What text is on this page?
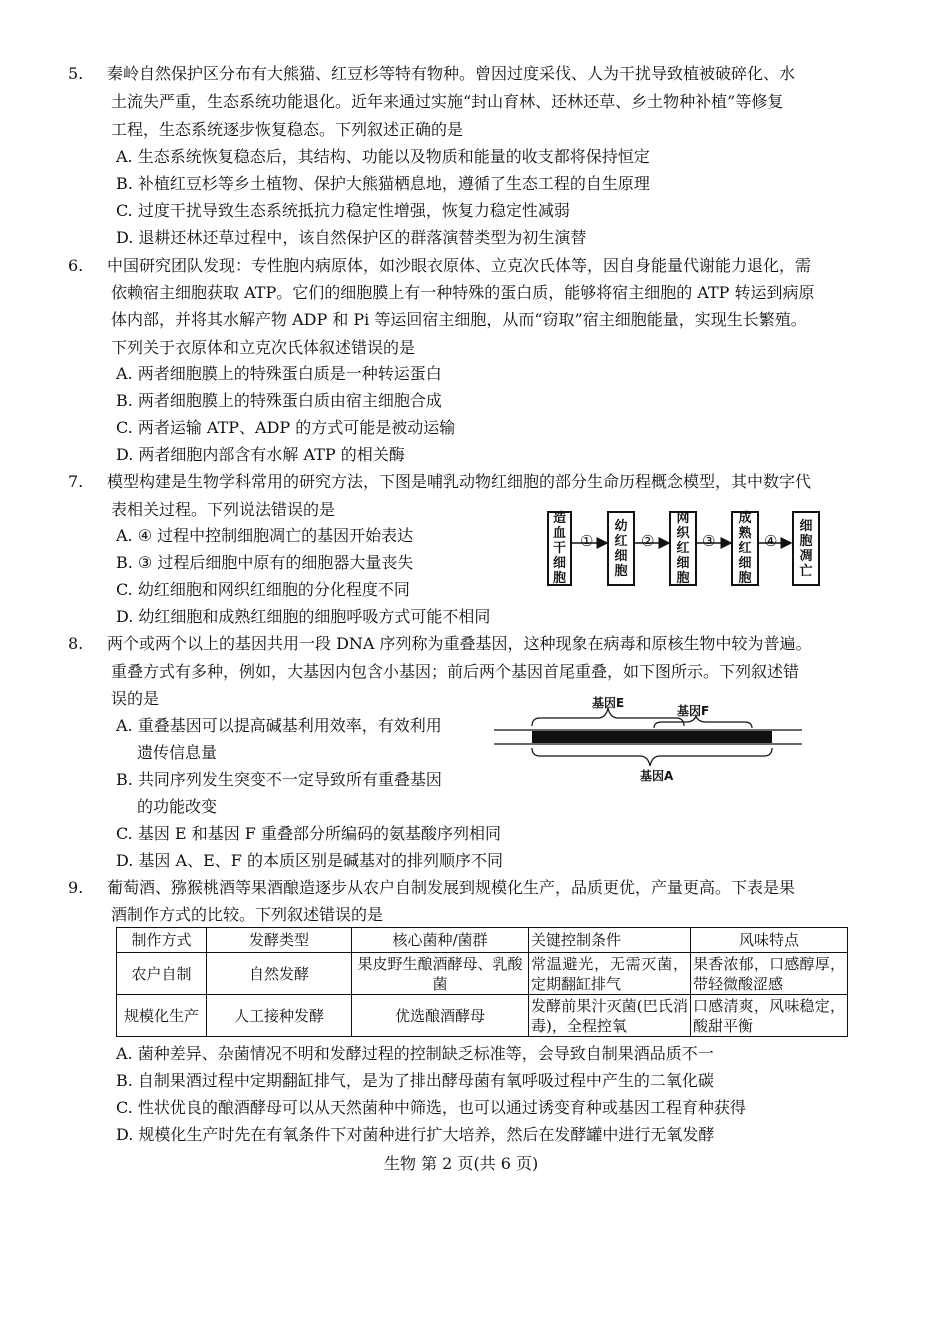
5. 秦岭自然保护区分布有大熊猫、红豆杉等特有物种。曾因过度采伐、人为干扰导致植被破碎化、水
土流失严重，生态系统功能退化。近年来通过实施“封山育林、还林还草、乡土物种补植”等修复
工程，生态系统逐步恢复稳态。下列叙述正确的是
A. 生态系统恢复稳态后，其结构、功能以及物质和能量的收支都将保持恒定
B. 补植红豆杉等乡土植物、保护大熊猫栖息地，遵循了生态工程的自生原理
C. 过度干扰导致生态系统抵抗力稳定性增强，恢复力稳定性减弱
D. 退耕还林还草过程中，该自然保护区的群落演替类型为初生演替
6. 中国研究团队发现：专性胞内病原体，如沙眼衣原体、立克次氏体等，因自身能量代谢能力退化，需
依赖宿主细胞获取 ATP。它们的细胞膜上有一种特殊的蛋白质，能够将宿主细胞的 ATP 转运到病原
体内部，并将其水解产物 ADP 和 Pi 等运回宿主细胞，从而“窃取”宿主细胞能量，实现生长繁殖。
下列关于衣原体和立克次氏体叙述错误的是
A. 两者细胞膜上的特殊蛋白质是一种转运蛋白
B. 两者细胞膜上的特殊蛋白质由宿主细胞合成
C. 两者运输 ATP、ADP 的方式可能是被动运输
D. 两者细胞内部含有水解 ATP 的相关酶
7. 模型构建是生物学科常用的研究方法，下图是哺乳动物红细胞的部分生命历程概念模型，其中数字代
表相关过程。下列说法错误的是
A. ④ 过程中控制细胞凋亡的基因开始表达
B. ③ 过程后细胞中原有的细胞器大量丧失
C. 幼红细胞和网织红细胞的分化程度不同
D. 幼红细胞和成熟红细胞的细胞呼吸方式可能不相同
造血干细胞
①
幼红细胞
②
网织红细胞
③
成熟红细胞
④
细胞凋亡
8. 两个或两个以上的基因共用一段 DNA 序列称为重叠基因，这种现象在病毒和原核生物中较为普遍。
重叠方式有多种，例如，大基因内包含小基因；前后两个基因首尾重叠，如下图所示。下列叙述错
误的是
A. 重叠基因可以提高碱基利用效率，有效利用
遗传信息量
B. 共同序列发生突变不一定导致所有重叠基因
的功能改变
C. 基因 E 和基因 F 重叠部分所编码的氨基酸序列相同
D. 基因 A、E、F 的本质区别是碱基对的排列顺序不同
基因E
基因F
基因A
9. 葡萄酒、猕猴桃酒等果酒酿造逐步从农户自制发展到规模化生产，品质更优，产量更高。下表是果
酒制作方式的比较。下列叙述错误的是
制作方式	发酵类型	核心菌种/菌群	关键控制条件	风味特点
农户自制	自然发酵	果皮野生酿酒酵母、乳酸菌	常温避光，无需灭菌，定期翻缸排气	果香浓郁，口感醇厚，带轻微酸涩感
规模化生产	人工接种发酵	优选酿酒酵母	发酵前果汁灭菌(巴氏消毒)，全程控氧	口感清爽，风味稳定，酸甜平衡
A. 菌种差异、杂菌情况不明和发酵过程的控制缺乏标准等，会导致自制果酒品质不一
B. 自制果酒过程中定期翻缸排气，是为了排出酵母菌有氧呼吸过程中产生的二氧化碳
C. 性状优良的酿酒酵母可以从天然菌种中筛选，也可以通过诱变育种或基因工程育种获得
D. 规模化生产时先在有氧条件下对菌种进行扩大培养，然后在发酵罐中进行无氧发酵
生物 第 2 页(共 6 页)
